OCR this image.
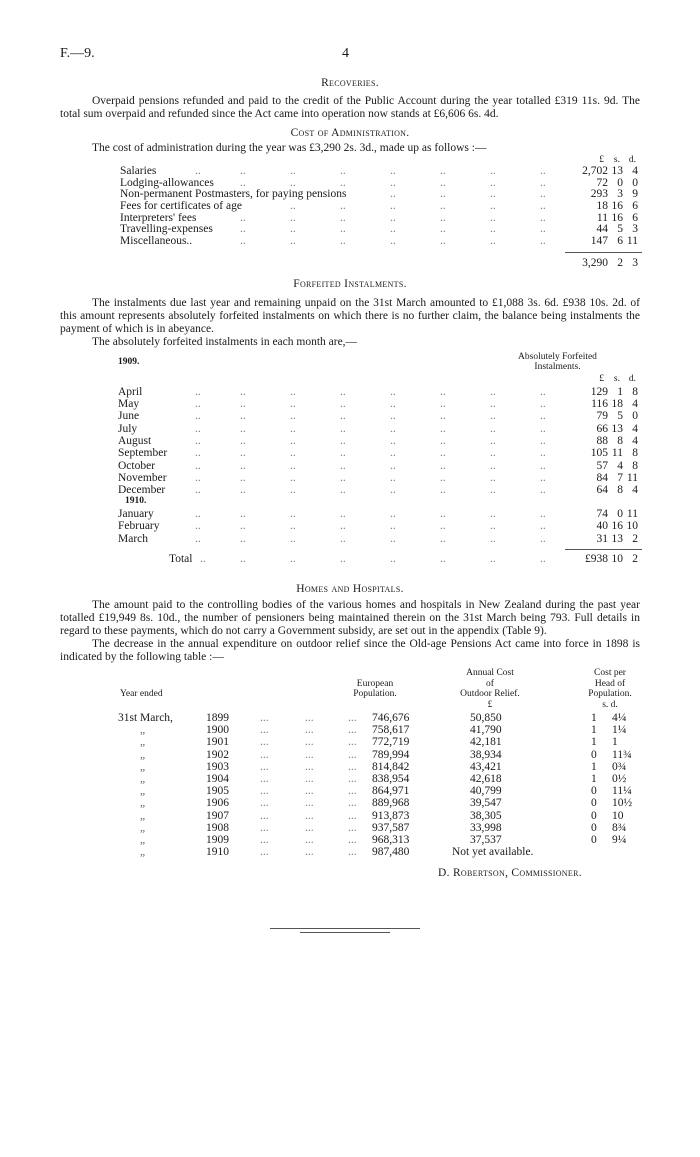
F.—9.	4
Recoveries.

Overpaid pensions refunded and paid to the credit of the Public Account during the year totalled £319 11s. 9d. The total sum overpaid and refunded since the Act came into operation now stands at £6,606 6s. 4d.

Cost of Administration.

The cost of administration during the year was £3,290 2s. 3d., made up as follows :—

£ s. d.
Salaries	..	..	..	..	..	..	..	..	2,702 13 4
Lodging-allowances ..	..	..	..	..	..	..	72 0 0
Non-permanent Postmasters, for paying pensions	..	..	..	..	293 3 9
Fees for certificates of age	..	..	..	..	..	..	18 16 6
Interpreters' fees	..	..	..	..	..	..	..	11 16 6
Travelling-expenses ..	..	..	..	..	..	..	44 5 3
Miscellaneous..	..	..	..	..	..	..	..	147 6 11
3,290 2 3
Forfeited Instalments.

The instalments due last year and remaining unpaid on the 31st March amounted to £1,088 3s. 6d. £938 10s. 2d. of this amount represents absolutely forfeited instalments on which there is no further claim, the balance being instalments the payment of which is in abeyance.

The absolutely forfeited instalments in each month are,—

1909.	Absolutely Forfeited
Instalments.
£ s. d.
April	..	..	..	..	..	..	..	..	129 1 8
May	..	..	..	..	..	..	..	..	116 18 4
June	..	..	..	..	..	..	..	..	79 5 0
July	..	..	..	..	..	..	..	..	66 13 4
August	..	..	..	..	..	..	..	..	88 8 4
September ..	..	..	..	..	..	..	..	105 11 8
October	..	..	..	..	..	..	..	..	57 4 8
November ..	..	..	..	..	..	..	..	84 7 11
December	..	..	..	..	..	..	..	..	64 8 4
1910.
January	..	..	..	..	..	..	..	..	74 0 11
February	..	..	..	..	..	..	..	..	40 16 10
March	..	..	..	..	..	..	..	..	31 13 2
Total ..	..	..	..	..	..	..	..	£938 10 2
Homes and Hospitals.

The amount paid to the controlling bodies of the various homes and hospitals in New Zealand during the past year totalled £19,949 8s. 10d., the number of pensioners being maintained therein on the 31st March being 793. Full details in regard to these payments, which do not carry a Government subsidy, are set out in the appendix (Table 9).

The decrease in the annual expenditure on outdoor relief since the Old-age Pensions Act came into force in 1898 is indicated by the following table :—

Year ended
European
Population.
Annual Cost
of
Outdoor Relief.
£
Cost per
Head of
Population.
s. d.
31st March,	1899	...	...	... 746,676	50,850	1 4¼
„	1900	...	...	... 758,617	41,790	1 1¼
„	1901	...	...	... 772,719	42,181	1 1
„	1902	...	...	... 789,994	38,934	0 11¾
„	1903	...	...	... 814,842	43,421	1 0¾
„	1904	...	...	... 838,954	42,618	1 0½
„	1905	...	...	... 864,971	40,799	0 11¼
„	1906	...	...	... 889,968	39,547	0 10½
„	1907	...	...	... 913,873	38,305	0 10
„	1908	...	...	... 937,587	33,998	0 8¾
„	1909	...	...	... 968,313	37,537	0 9¼
„	1910	...	...	... 987,480	Not yet available.
D. Robertson, Commissioner.
